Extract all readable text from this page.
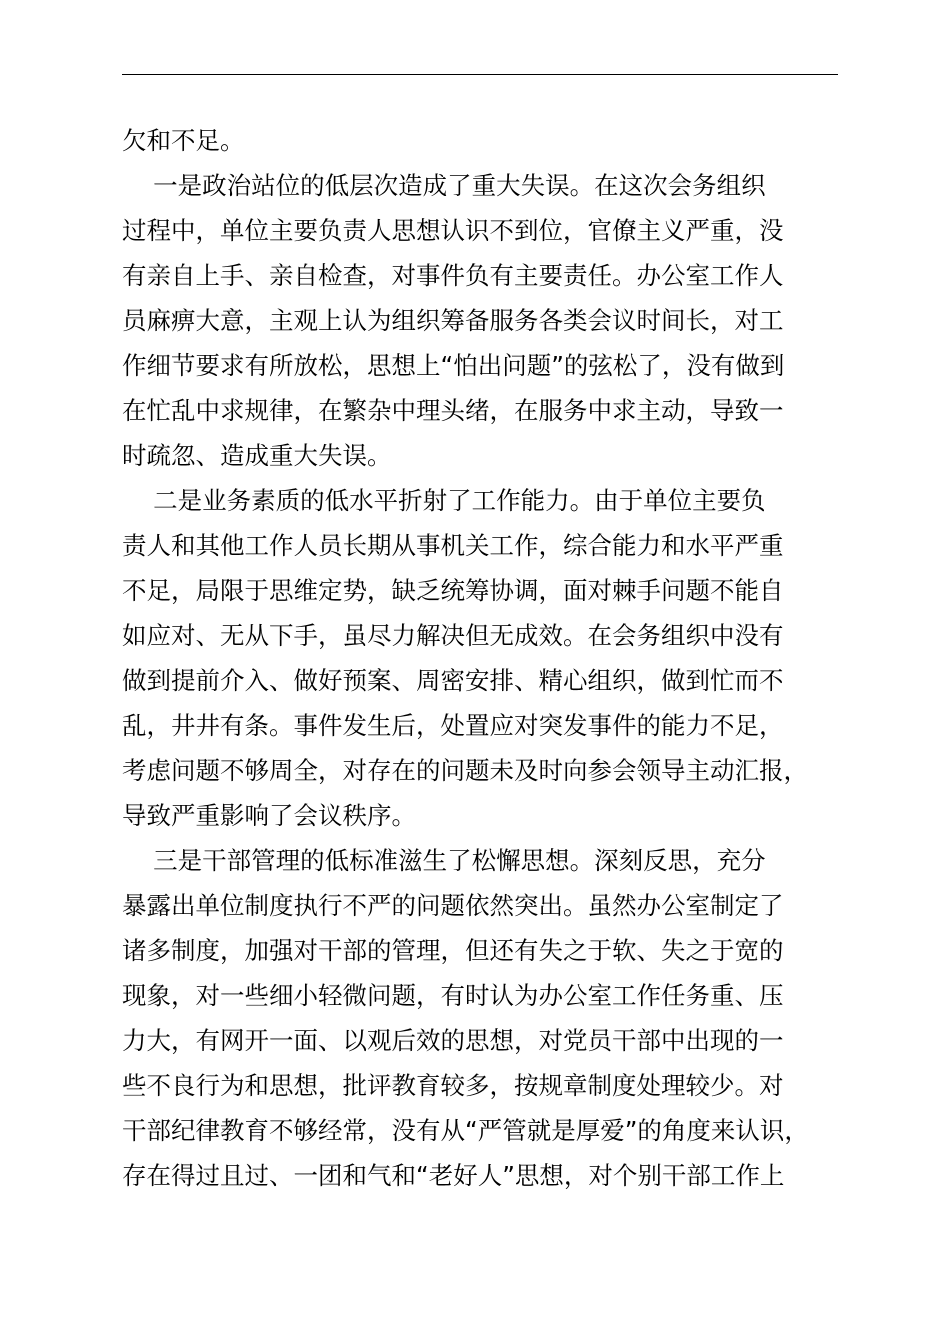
欠和不足。
一是政治站位的低层次造成了重大失误。在这次会务组织
过程中，单位主要负责人思想认识不到位，官僚主义严重，没
有亲自上手、亲自检查，对事件负有主要责任。办公室工作人
员麻痹大意，主观上认为组织筹备服务各类会议时间长，对工
作细节要求有所放松，思想上“怕出问题”的弦松了，没有做到
在忙乱中求规律，在繁杂中理头绪，在服务中求主动，导致一
时疏忽、造成重大失误。
二是业务素质的低水平折射了工作能力。由于单位主要负
责人和其他工作人员长期从事机关工作，综合能力和水平严重
不足，局限于思维定势，缺乏统筹协调，面对棘手问题不能自
如应对、无从下手，虽尽力解决但无成效。在会务组织中没有
做到提前介入、做好预案、周密安排、精心组织，做到忙而不
乱，井井有条。事件发生后，处置应对突发事件的能力不足，
考虑问题不够周全，对存在的问题未及时向参会领导主动汇报，
导致严重影响了会议秩序。
三是干部管理的低标准滋生了松懈思想。深刻反思，充分
暴露出单位制度执行不严的问题依然突出。虽然办公室制定了
诸多制度，加强对干部的管理，但还有失之于软、失之于宽的
现象，对一些细小轻微问题，有时认为办公室工作任务重、压
力大，有网开一面、以观后效的思想，对党员干部中出现的一
些不良行为和思想，批评教育较多，按规章制度处理较少。对
干部纪律教育不够经常，没有从“严管就是厚爱”的角度来认识，
存在得过且过、一团和气和“老好人”思想，对个别干部工作上
